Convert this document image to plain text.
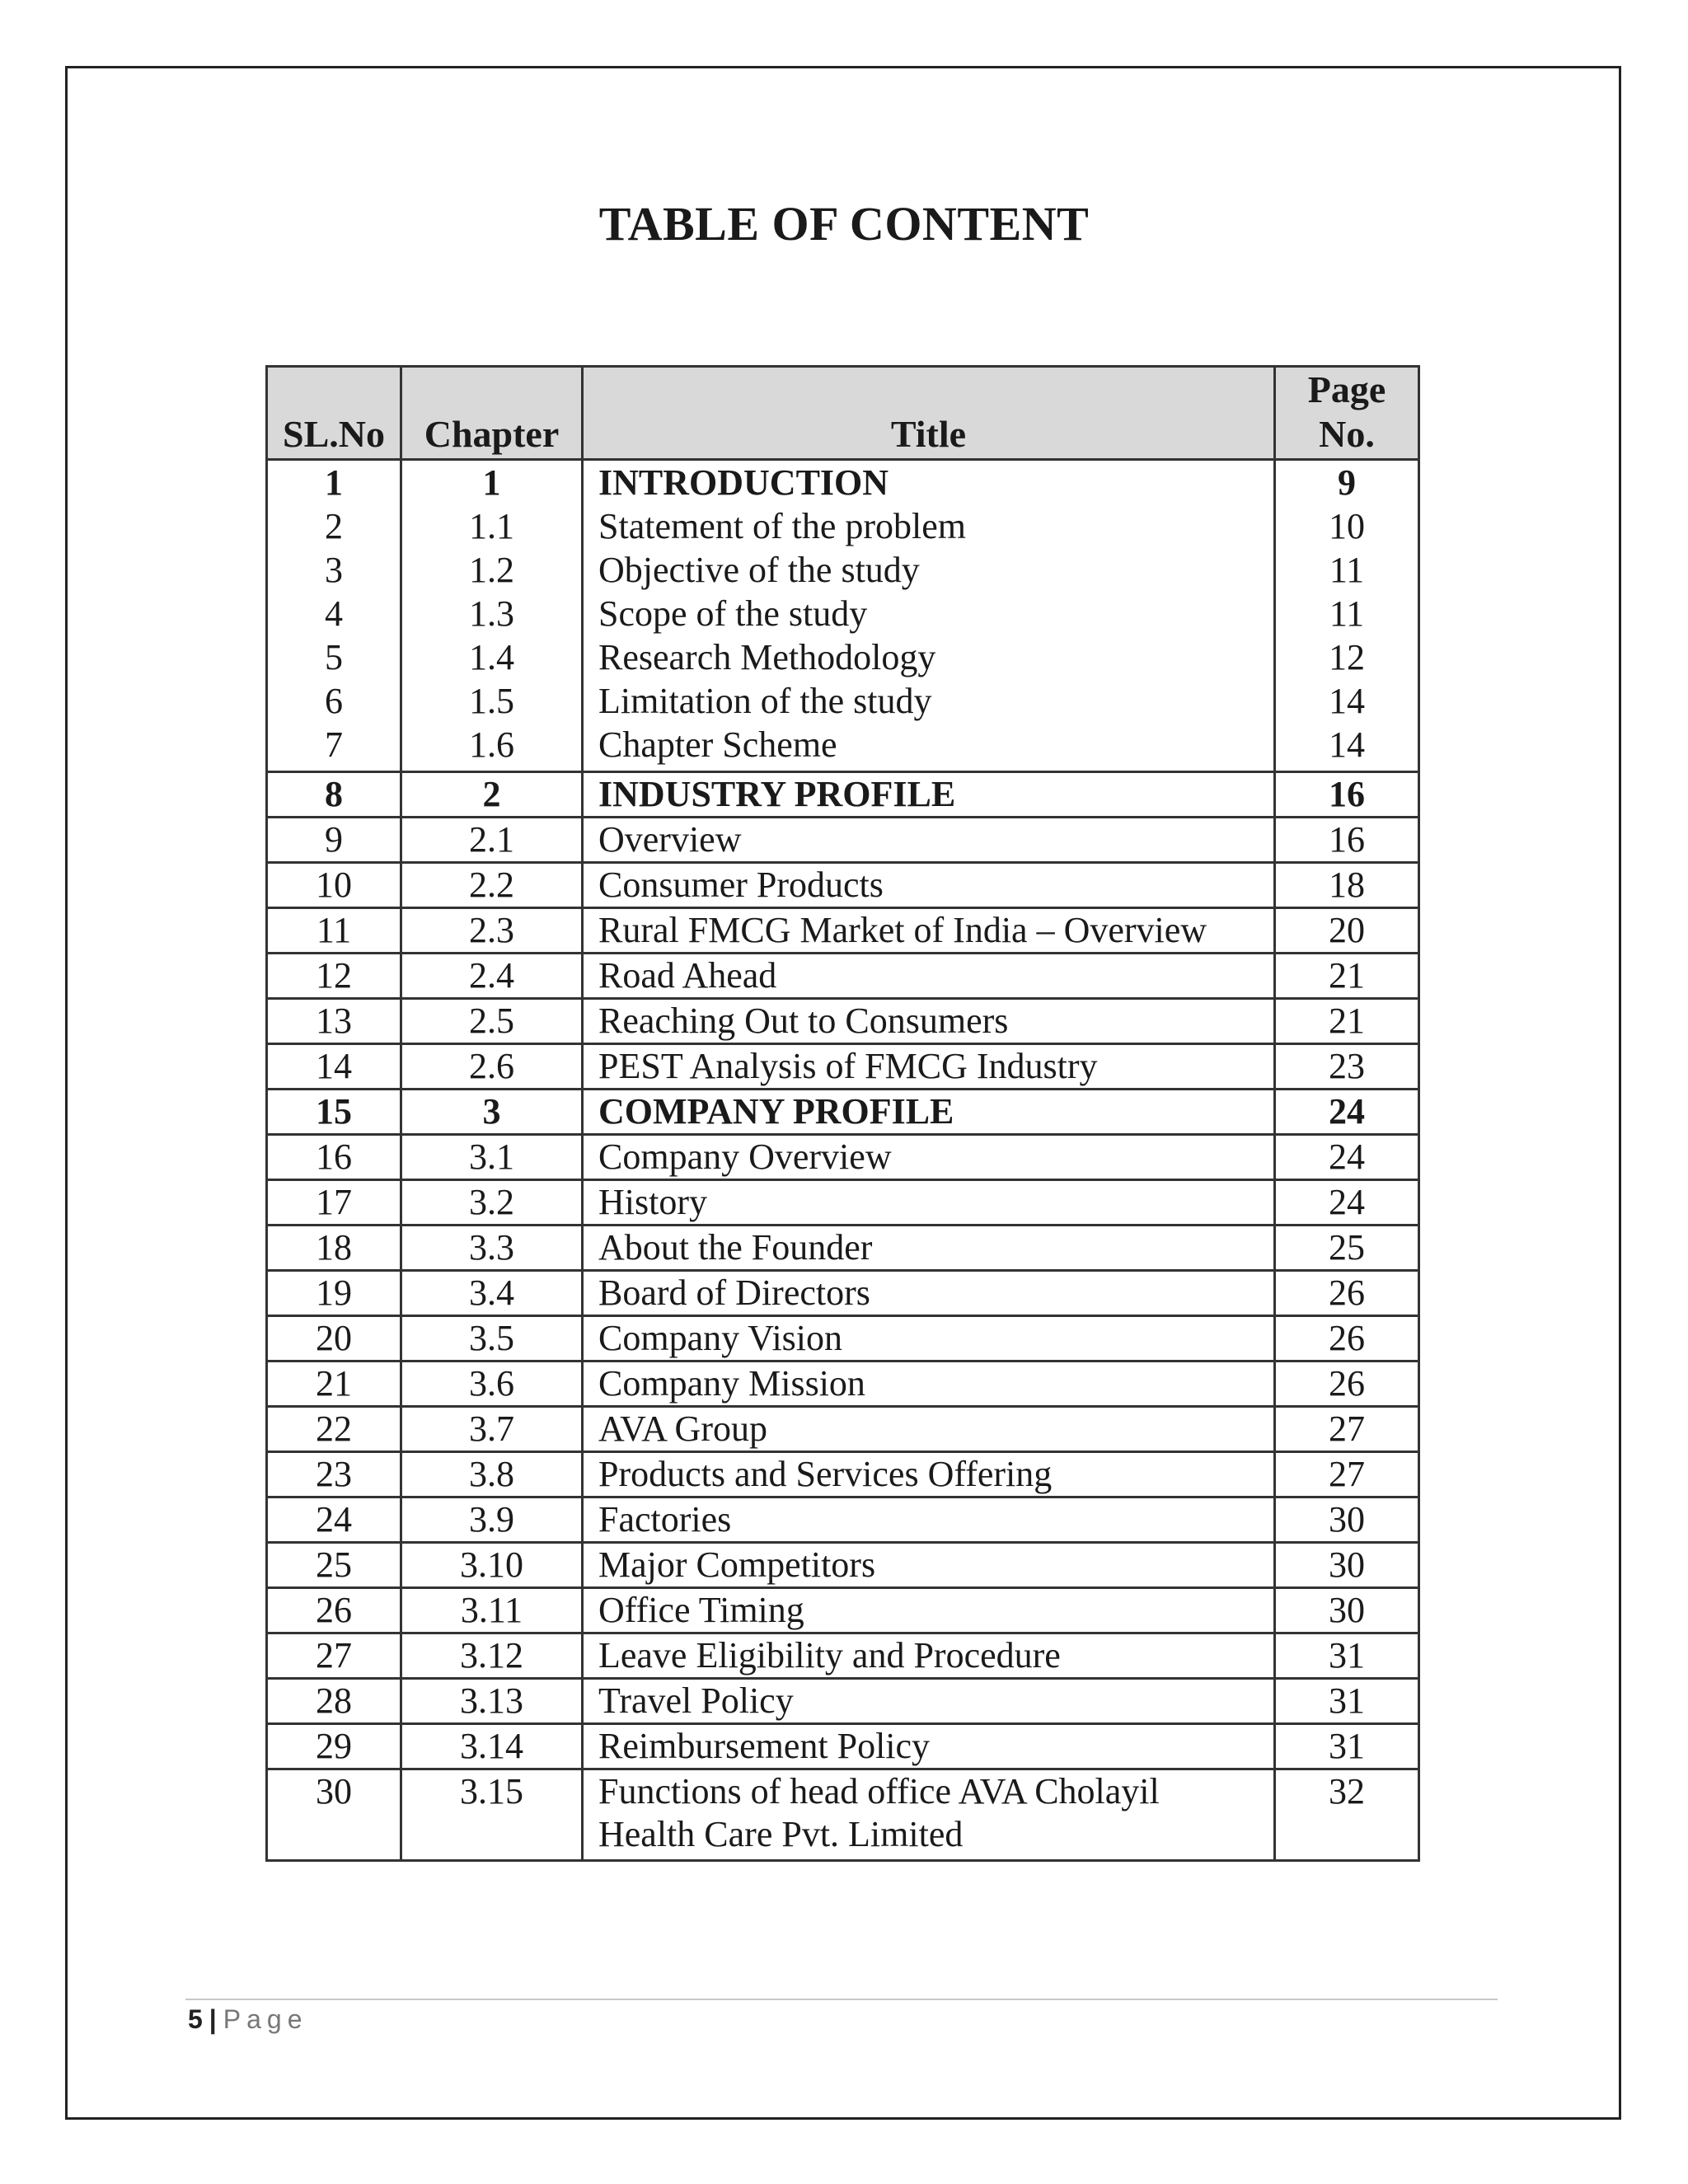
TABLE OF CONTENT
SL.No	Chapter	Title	Page
No.

1	1	INTRODUCTION	9
2	1.1	Statement of the problem	10
3	1.2	Objective of the study	11
4	1.3	Scope of the study	11
5	1.4	Research Methodology	12
6	1.5	Limitation of the study	14
7	1.6	Chapter Scheme	14
8	2	INDUSTRY PROFILE	16
9	2.1	Overview	16
10	2.2	Consumer Products	18
11	2.3	Rural FMCG Market of India – Overview	20
12	2.4	Road Ahead	21
13	2.5	Reaching Out to Consumers	21
14	2.6	PEST Analysis of FMCG Industry	23
15	3	COMPANY PROFILE	24
16	3.1	Company Overview	24
17	3.2	History	24
18	3.3	About the Founder	25
19	3.4	Board of Directors	26
20	3.5	Company Vision	26
21	3.6	Company Mission	26
22	3.7	AVA Group	27
23	3.8	Products and Services Offering	27
24	3.9	Factories	30
25	3.10	Major Competitors	30
26	3.11	Office Timing	30
27	3.12	Leave Eligibility and Procedure	31
28	3.13	Travel Policy	31
29	3.14	Reimbursement Policy	31
30	3.15	Functions of head office AVA Cholayil
Health Care Pvt. Limited	32
5 | Page
